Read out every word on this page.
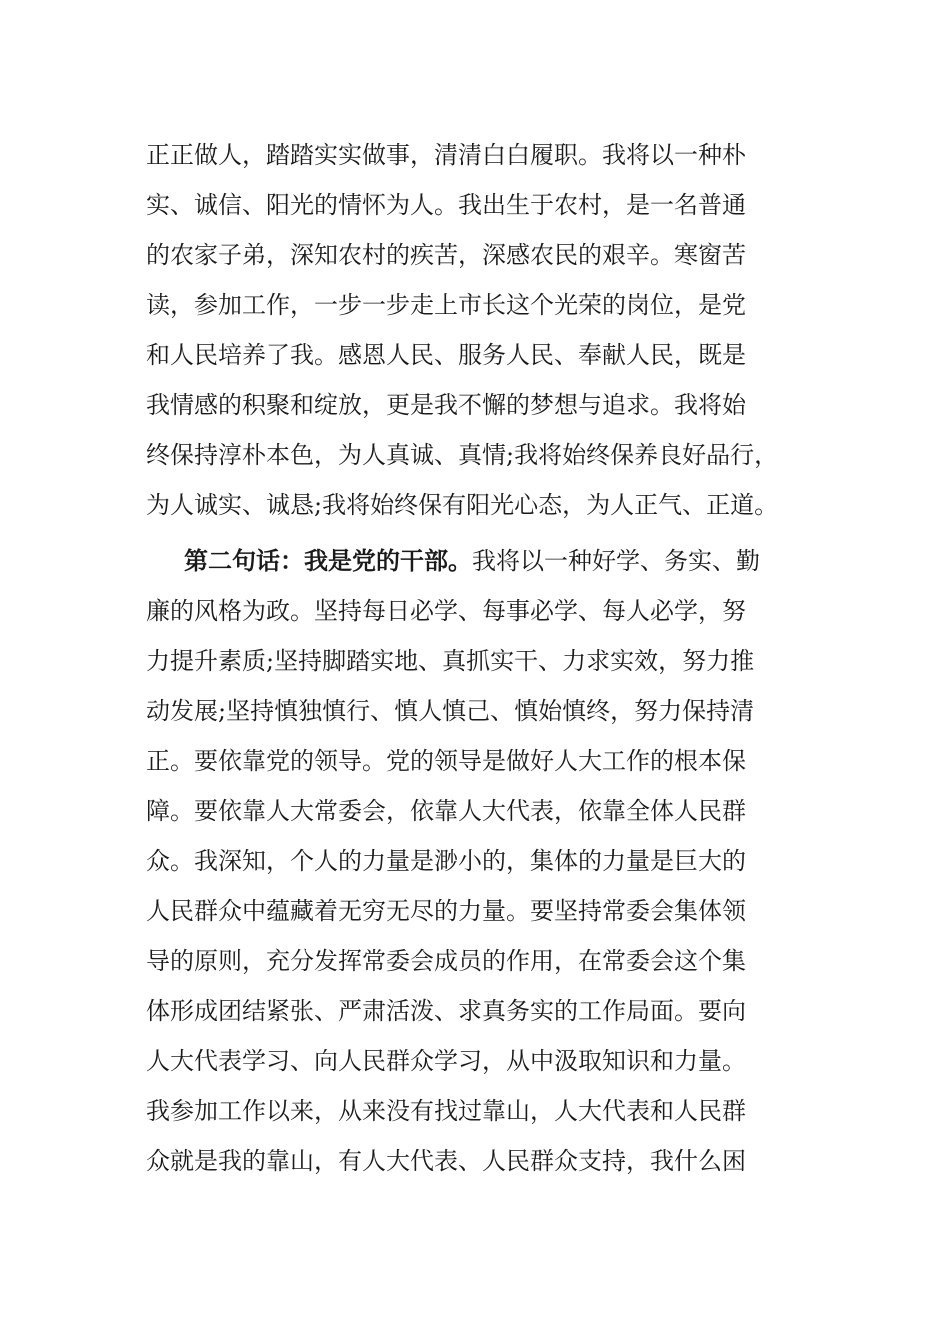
正正做人，踏踏实实做事，清清白白履职。我将以一种朴
实、诚信、阳光的情怀为人。我出生于农村，是一名普通
的农家子弟，深知农村的疾苦，深感农民的艰辛。寒窗苦
读，参加工作，一步一步走上市长这个光荣的岗位，是党
和人民培养了我。感恩人民、服务人民、奉献人民，既是
我情感的积聚和绽放，更是我不懈的梦想与追求。我将始
终保持淳朴本色，为人真诚、真情;我将始终保养良好品行，
为人诚实、诚恳;我将始终保有阳光心态，为人正气、正道。
第二句话：我是党的干部。我将以一种好学、务实、勤
廉的风格为政。坚持每日必学、每事必学、每人必学，努
力提升素质;坚持脚踏实地、真抓实干、力求实效，努力推
动发展;坚持慎独慎行、慎人慎己、慎始慎终，努力保持清
正。要依靠党的领导。党的领导是做好人大工作的根本保
障。要依靠人大常委会，依靠人大代表，依靠全体人民群
众。我深知，个人的力量是渺小的，集体的力量是巨大的
人民群众中蕴藏着无穷无尽的力量。要坚持常委会集体领
导的原则，充分发挥常委会成员的作用，在常委会这个集
体形成团结紧张、严肃活泼、求真务实的工作局面。要向
人大代表学习、向人民群众学习，从中汲取知识和力量。
我参加工作以来，从来没有找过靠山，人大代表和人民群
众就是我的靠山，有人大代表、人民群众支持，我什么困
